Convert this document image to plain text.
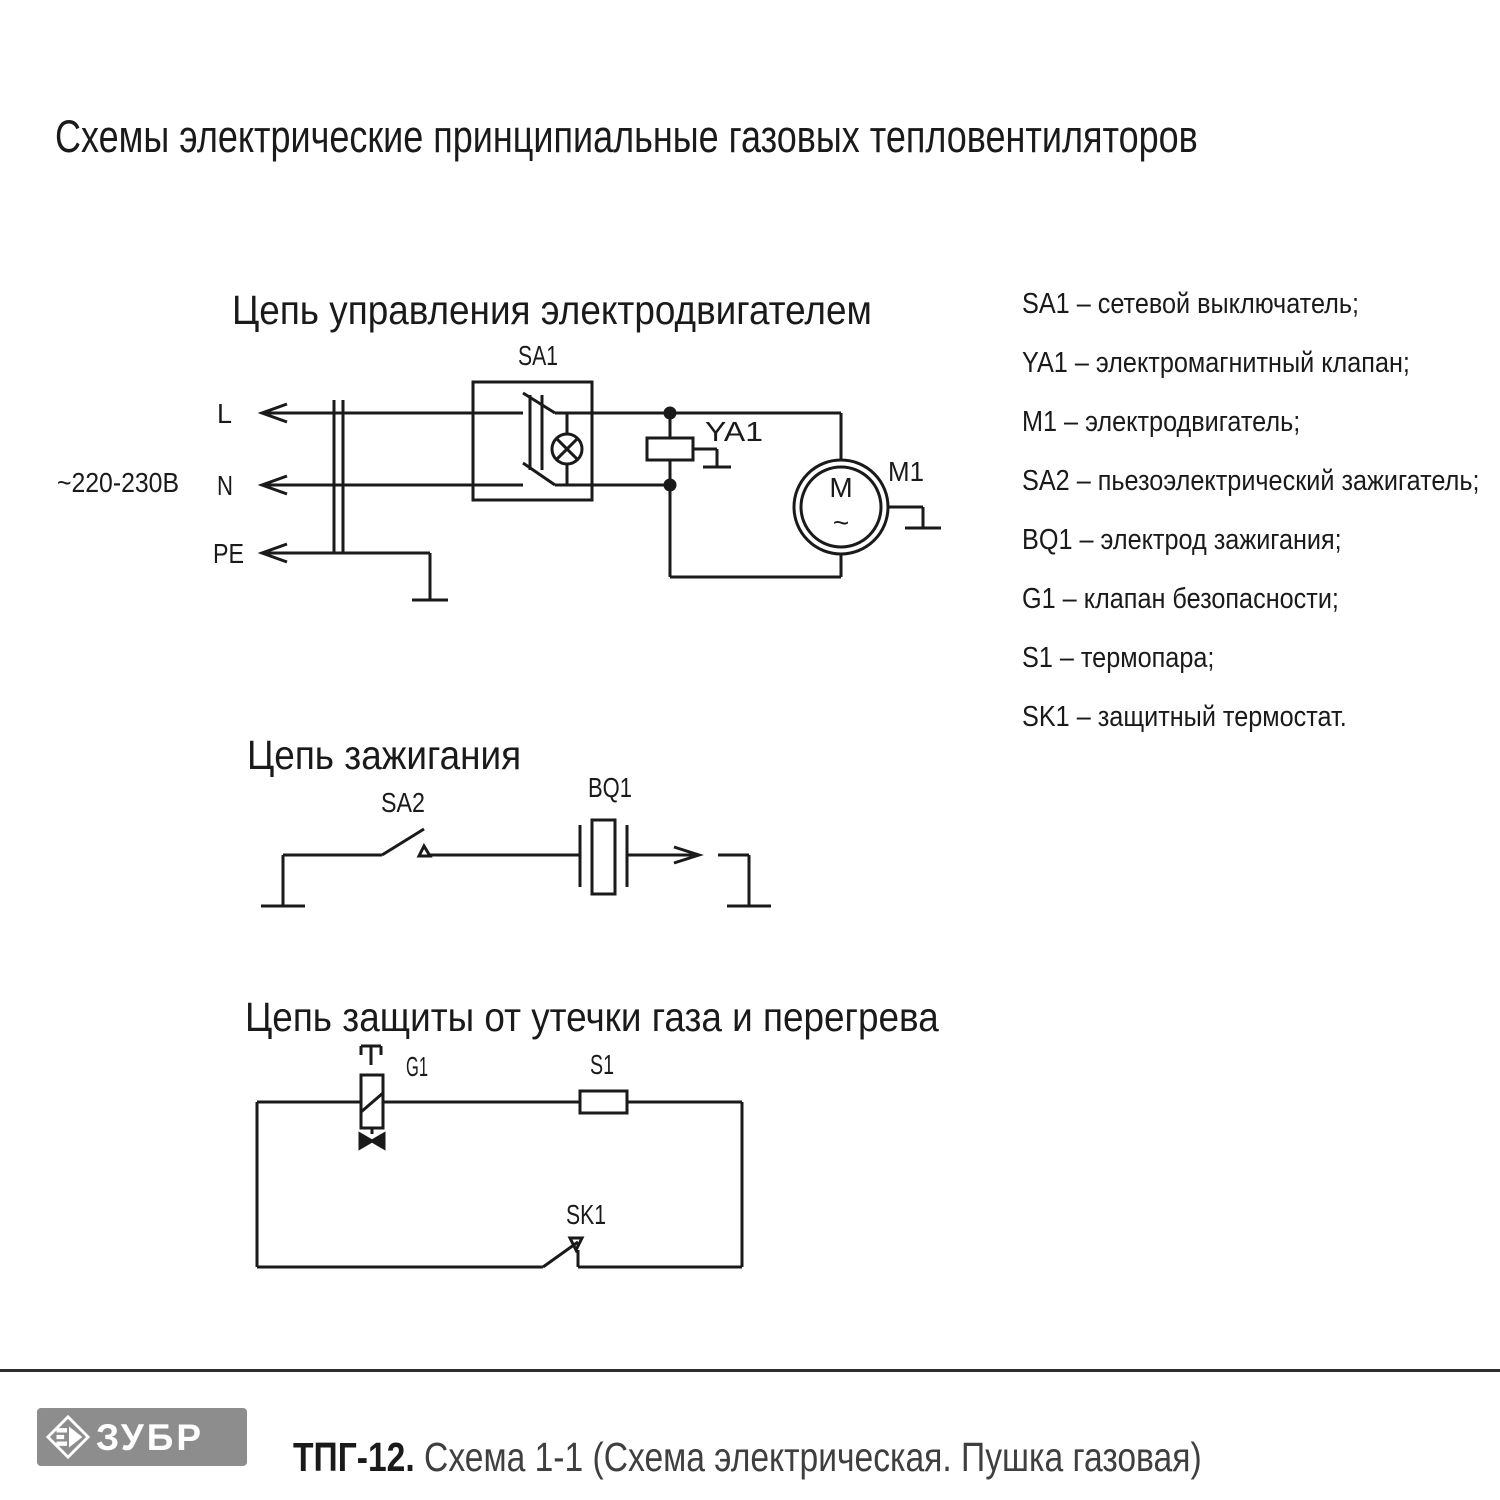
Схемы электрические принципиальные газовых тепловентиляторов
Цепь управления электродвигателем
Цепь зажигания
Цепь защиты от утечки газа и перегрева
SA1 – сетевой выключатель;
YA1 – электромагнитный клапан;
M1 – электродвигатель;
SA2 – пьезоэлектрический зажигатель;
BQ1 – электрод зажигания;
G1 – клапан безопасности;
S1 – термопара;
SK1 – защитный термостат.
L
N
PE
~220-230В
SA1
YA1
M1
M
~
SA2	BQ1
G1	S1
SK1
ЗУБР ТПГ-12. Схема 1-1 (Схема электрическая. Пушка газовая)
